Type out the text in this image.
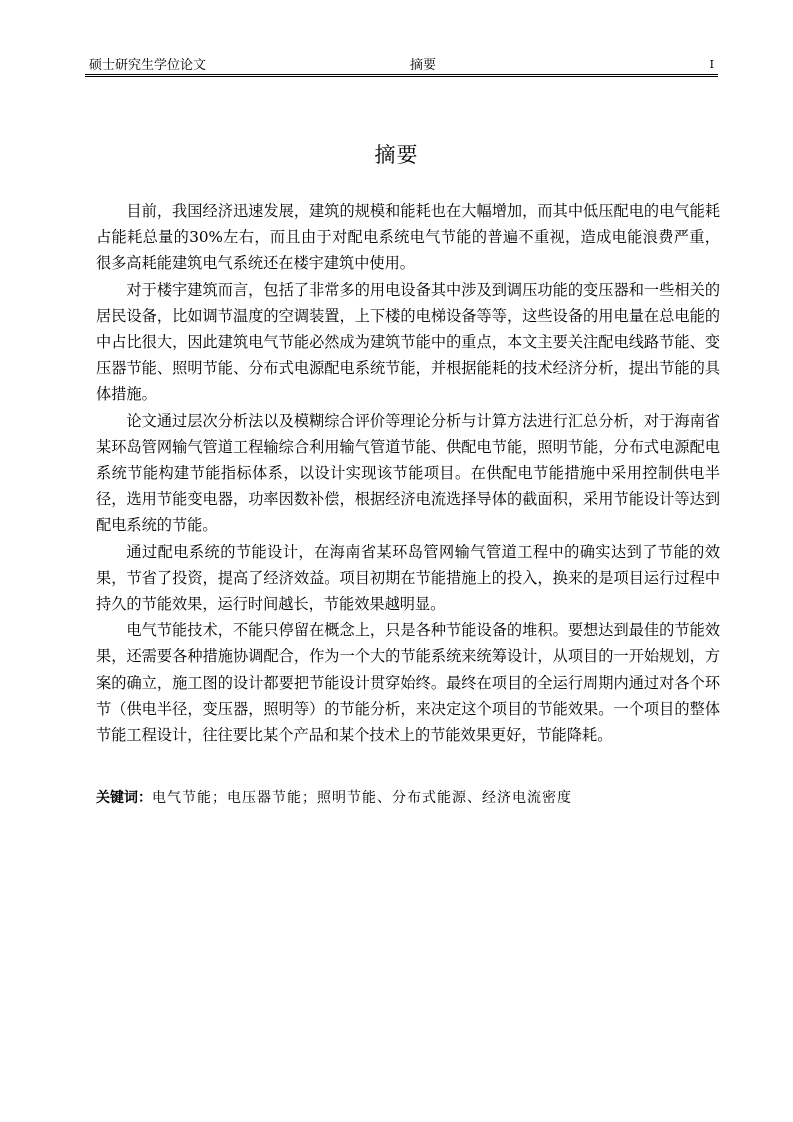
硕士研究生学位论文	摘要	I
摘要

目前，我国经济迅速发展，建筑的规模和能耗也在大幅增加，而其中低压配电的电气能耗占能耗总量的30%左右，而且由于对配电系统电气节能的普遍不重视，造成电能浪费严重，很多高耗能建筑电气系统还在楼宇建筑中使用。

对于楼宇建筑而言，包括了非常多的用电设备其中涉及到调压功能的变压器和一些相关的居民设备，比如调节温度的空调装置，上下楼的电梯设备等等，这些设备的用电量在总电能的中占比很大，因此建筑电气节能必然成为建筑节能中的重点，本文主要关注配电线路节能、变压器节能、照明节能、分布式电源配电系统节能，并根据能耗的技术经济分析，提出节能的具体措施。

论文通过层次分析法以及模糊综合评价等理论分析与计算方法进行汇总分析，对于海南省某环岛管网输气管道工程输综合利用输气管道节能、供配电节能，照明节能，分布式电源配电系统节能构建节能指标体系，以设计实现该节能项目。在供配电节能措施中采用控制供电半径，选用节能变电器，功率因数补偿，根据经济电流选择导体的截面积，采用节能设计等达到配电系统的节能。

通过配电系统的节能设计，在海南省某环岛管网输气管道工程中的确实达到了节能的效果，节省了投资，提高了经济效益。项目初期在节能措施上的投入，换来的是项目运行过程中持久的节能效果，运行时间越长，节能效果越明显。

电气节能技术，不能只停留在概念上，只是各种节能设备的堆积。要想达到最佳的节能效果，还需要各种措施协调配合，作为一个大的节能系统来统筹设计，从项目的一开始规划，方案的确立，施工图的设计都要把节能设计贯穿始终。最终在项目的全运行周期内通过对各个环节（供电半径，变压器，照明等）的节能分析，来决定这个项目的节能效果。一个项目的整体节能工程设计，往往要比某个产品和某个技术上的节能效果更好，节能降耗。

关键词：电气节能；电压器节能；照明节能、分布式能源、经济电流密度
